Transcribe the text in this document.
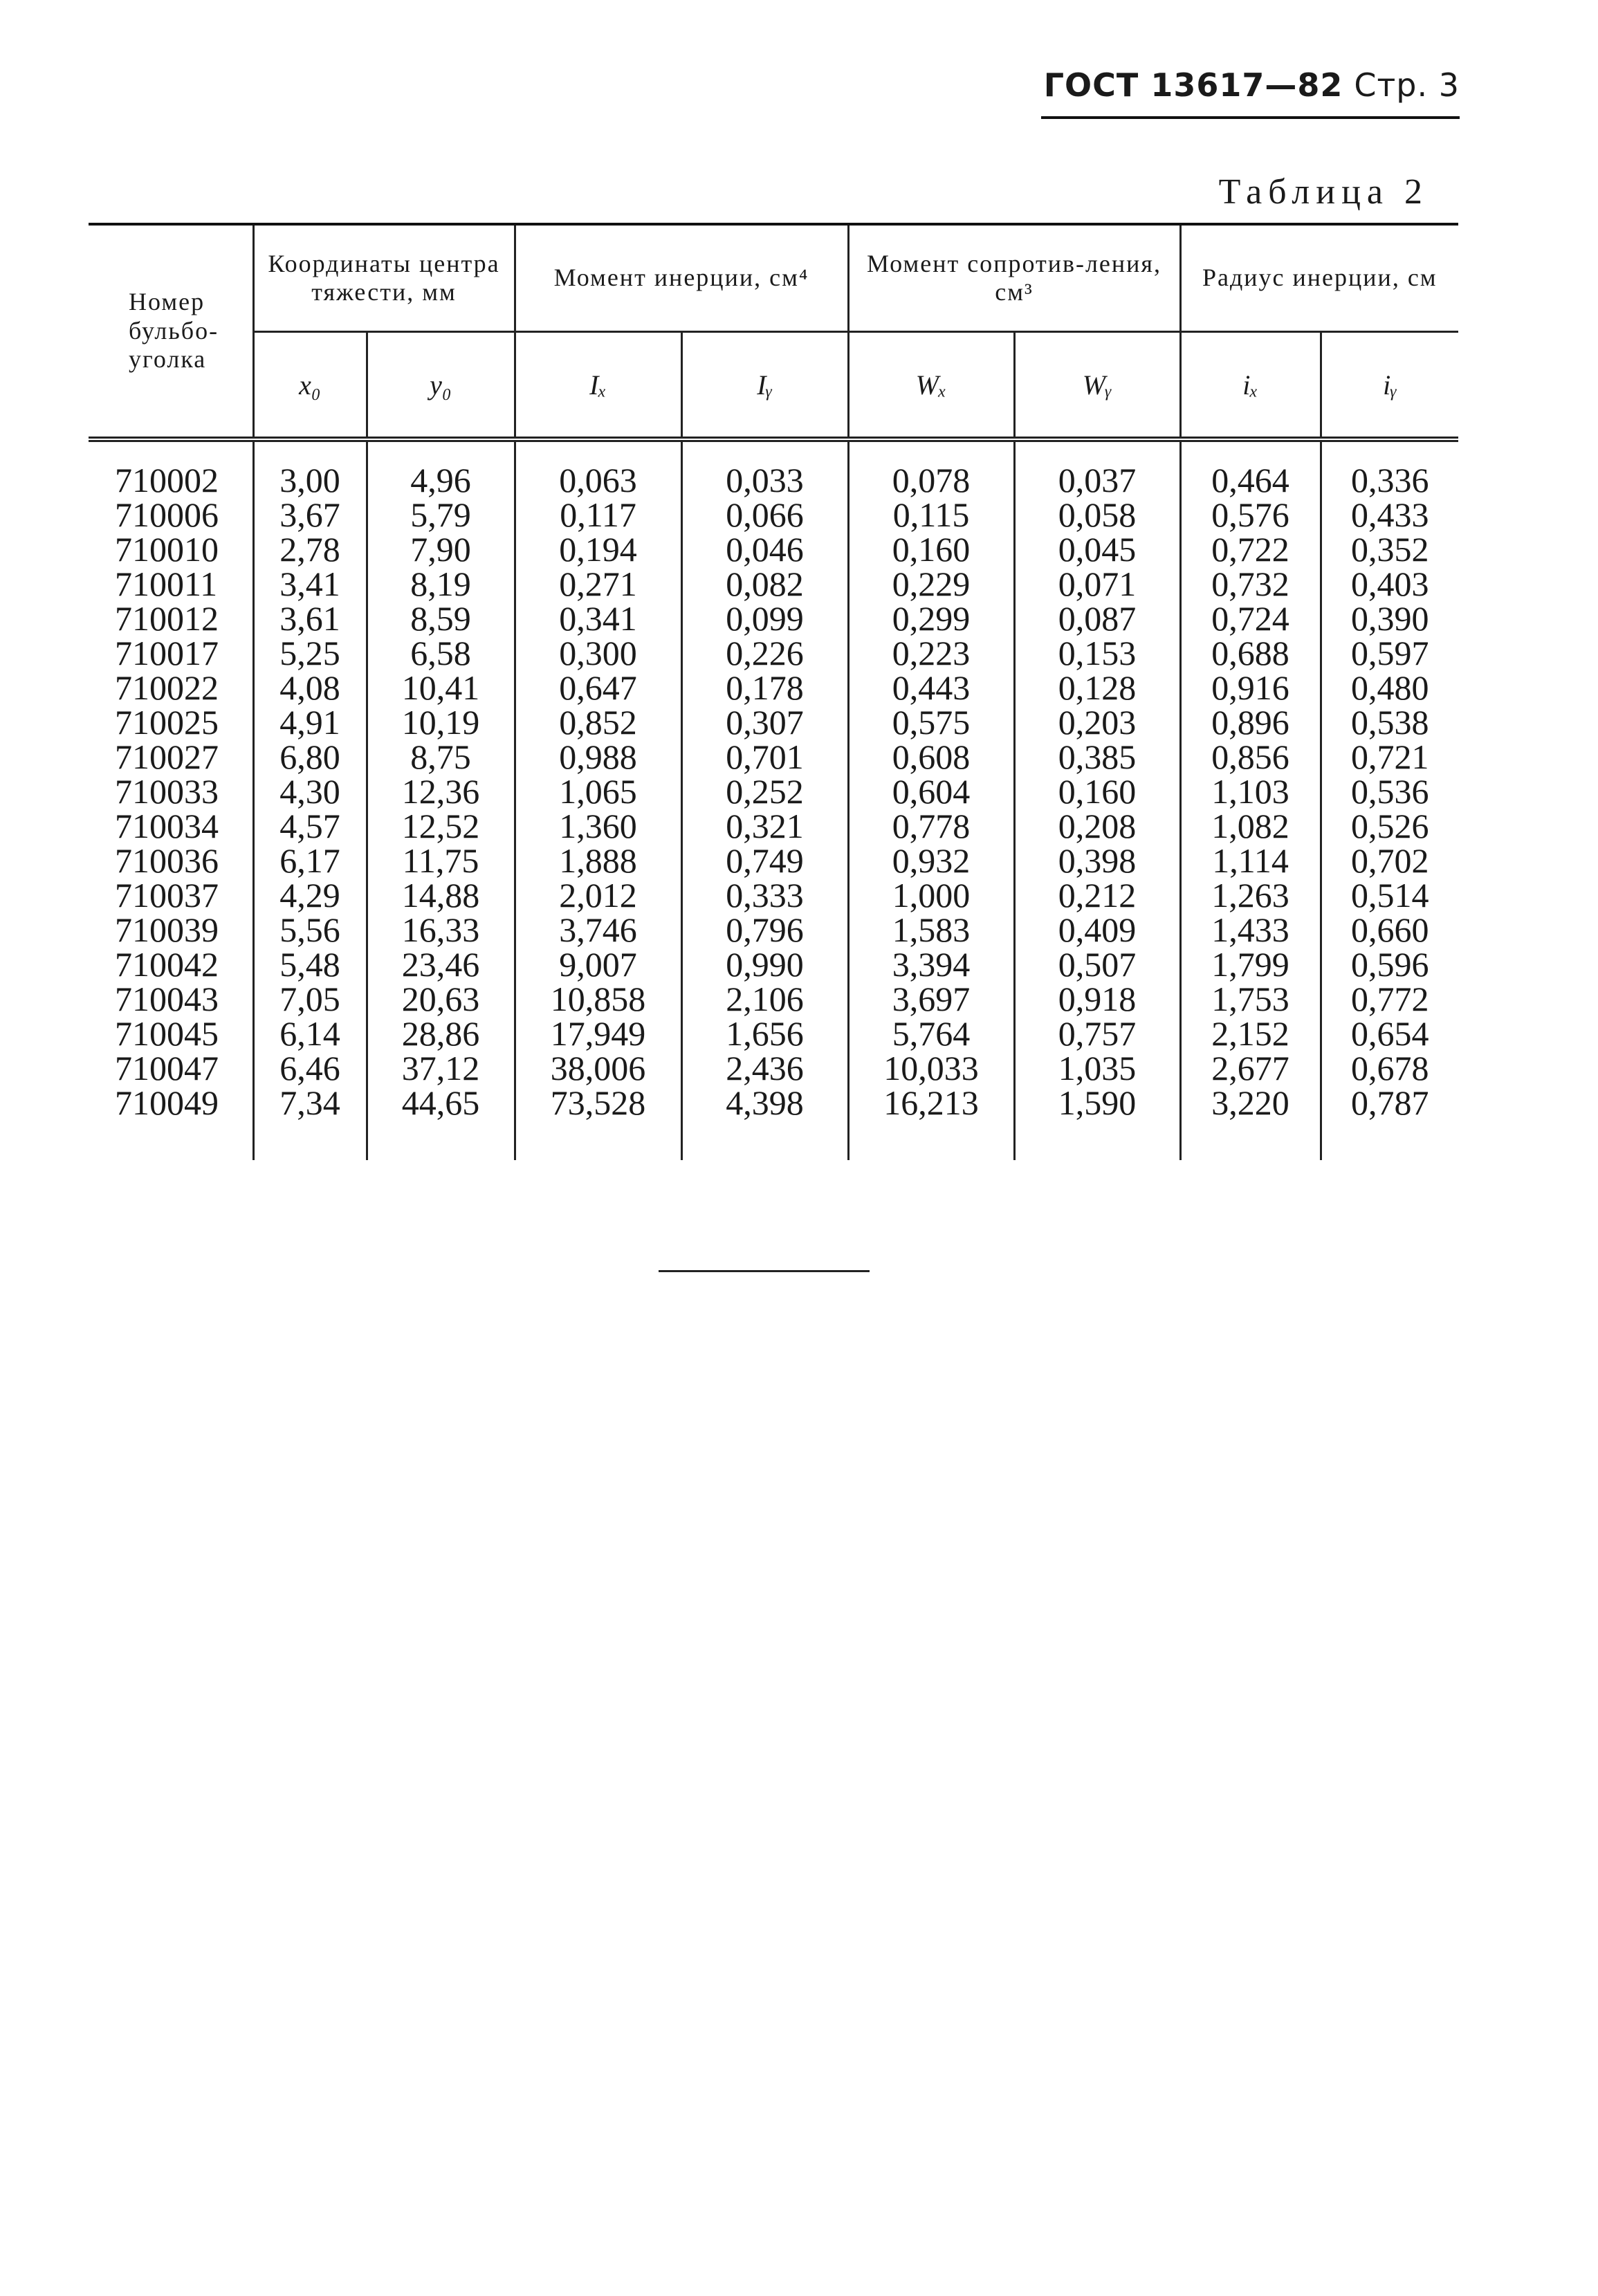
ГОСТ 13617—82 Стр. 3
Таблица 2
Номер бульбо-уголка	Координаты центра тяжести, мм		Момент инерции, см⁴		Момент сопротив-ления, см³		Радиус инерции, см	
	x₀	y₀	Iₓ	Iᵧ	Wₓ	Wᵧ	iₓ	iᵧ

710002	3,00	4,96	0,063	0,033	0,078	0,037	0,464	0,336
710006	3,67	5,79	0,117	0,066	0,115	0,058	0,576	0,433
710010	2,78	7,90	0,194	0,046	0,160	0,045	0,722	0,352
710011	3,41	8,19	0,271	0,082	0,229	0,071	0,732	0,403
710012	3,61	8,59	0,341	0,099	0,299	0,087	0,724	0,390
710017	5,25	6,58	0,300	0,226	0,223	0,153	0,688	0,597
710022	4,08	10,41	0,647	0,178	0,443	0,128	0,916	0,480
710025	4,91	10,19	0,852	0,307	0,575	0,203	0,896	0,538
710027	6,80	8,75	0,988	0,701	0,608	0,385	0,856	0,721
710033	4,30	12,36	1,065	0,252	0,604	0,160	1,103	0,536
710034	4,57	12,52	1,360	0,321	0,778	0,208	1,082	0,526
710036	6,17	11,75	1,888	0,749	0,932	0,398	1,114	0,702
710037	4,29	14,88	2,012	0,333	1,000	0,212	1,263	0,514
710039	5,56	16,33	3,746	0,796	1,583	0,409	1,433	0,660
710042	5,48	23,46	9,007	0,990	3,394	0,507	1,799	0,596
710043	7,05	20,63	10,858	2,106	3,697	0,918	1,753	0,772
710045	6,14	28,86	17,949	1,656	5,764	0,757	2,152	0,654
710047	6,46	37,12	38,006	2,436	10,033	1,035	2,677	0,678
710049	7,34	44,65	73,528	4,398	16,213	1,590	3,220	0,787
